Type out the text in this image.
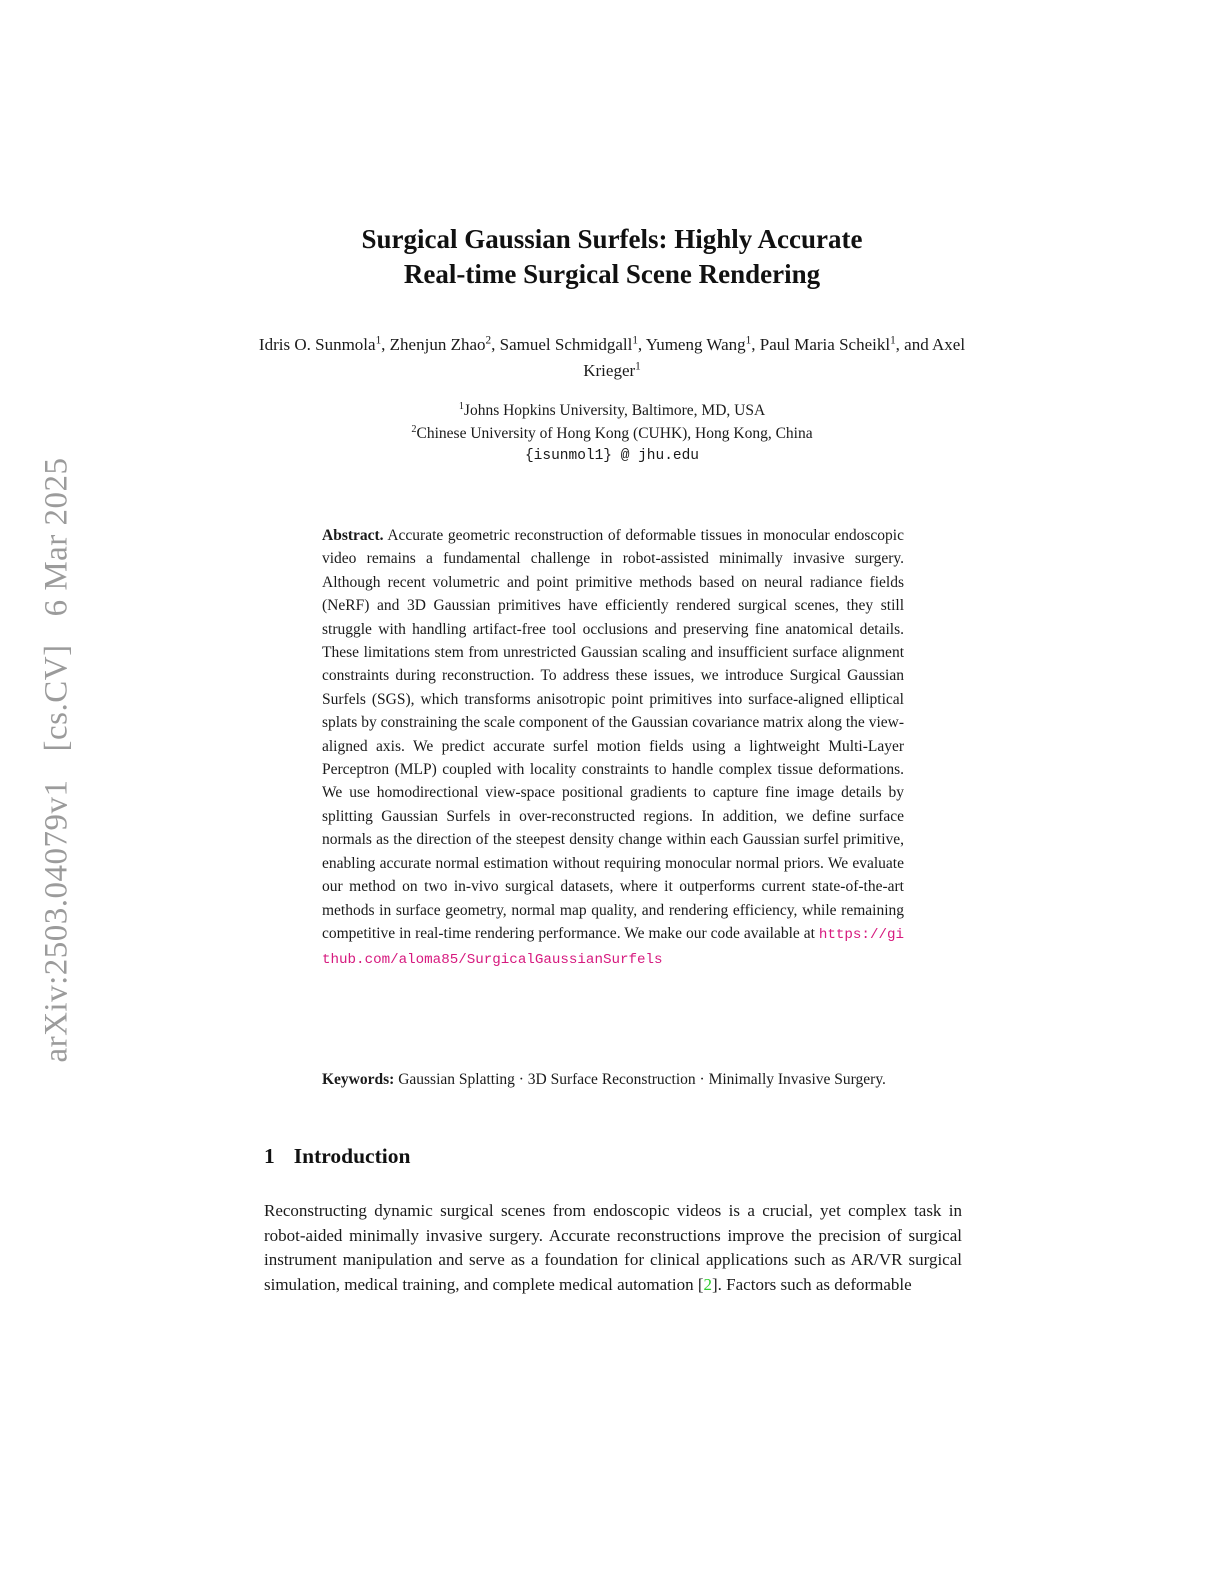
arXiv:2503.04079v1[cs.CV]6 Mar 2025
Surgical Gaussian Surfels: Highly Accurate
Real-time Surgical Scene Rendering
Idris O. Sunmola$^1$, Zhenjun Zhao$^2$, Samuel Schmidgall$^1$, Yumeng Wang$^1$, Paul Maria Scheikl$^1$, and Axel Krieger$^1$
$^1$Johns Hopkins University, Baltimore, MD, USA
$^2$Chinese University of Hong Kong (CUHK), Hong Kong, China
{isunmol1} @ jhu.edu
Abstract. Accurate geometric reconstruction of deformable tissues in monocular endoscopic video remains a fundamental challenge in robot-assisted minimally invasive surgery. Although recent volumetric and point primitive methods based on neural radiance fields (NeRF) and 3D Gaussian primitives have efficiently rendered surgical scenes, they still struggle with handling artifact-free tool occlusions and preserving fine anatomical details. These limitations stem from unrestricted Gaussian scaling and insufficient surface alignment constraints during reconstruction. To address these issues, we introduce Surgical Gaussian Surfels (SGS), which transforms anisotropic point primitives into surface-aligned elliptical splats by constraining the scale component of the Gaussian covariance matrix along the view-aligned axis. We predict accurate surfel motion fields using a lightweight Multi-Layer Perceptron (MLP) coupled with locality constraints to handle complex tissue deformations. We use homodirectional view-space positional gradients to capture fine image details by splitting Gaussian Surfels in over-reconstructed regions. In addition, we define surface normals as the direction of the steepest density change within each Gaussian surfel primitive, enabling accurate normal estimation without requiring monocular normal priors. We evaluate our method on two in-vivo surgical datasets, where it outperforms current state-of-the-art methods in surface geometry, normal map quality, and rendering efficiency, while remaining competitive in real-time rendering performance. We make our code available at https://github.com/aloma85/SurgicalGaussianSurfels
Keywords: Gaussian Splatting · 3D Surface Reconstruction · Minimally Invasive Surgery.
1 Introduction
Reconstructing dynamic surgical scenes from endoscopic videos is a crucial, yet complex task in robot-aided minimally invasive surgery. Accurate reconstructions improve the precision of surgical instrument manipulation and serve as a foundation for clinical applications such as AR/VR surgical simulation, medical training, and complete medical automation [2]. Factors such as deformable
